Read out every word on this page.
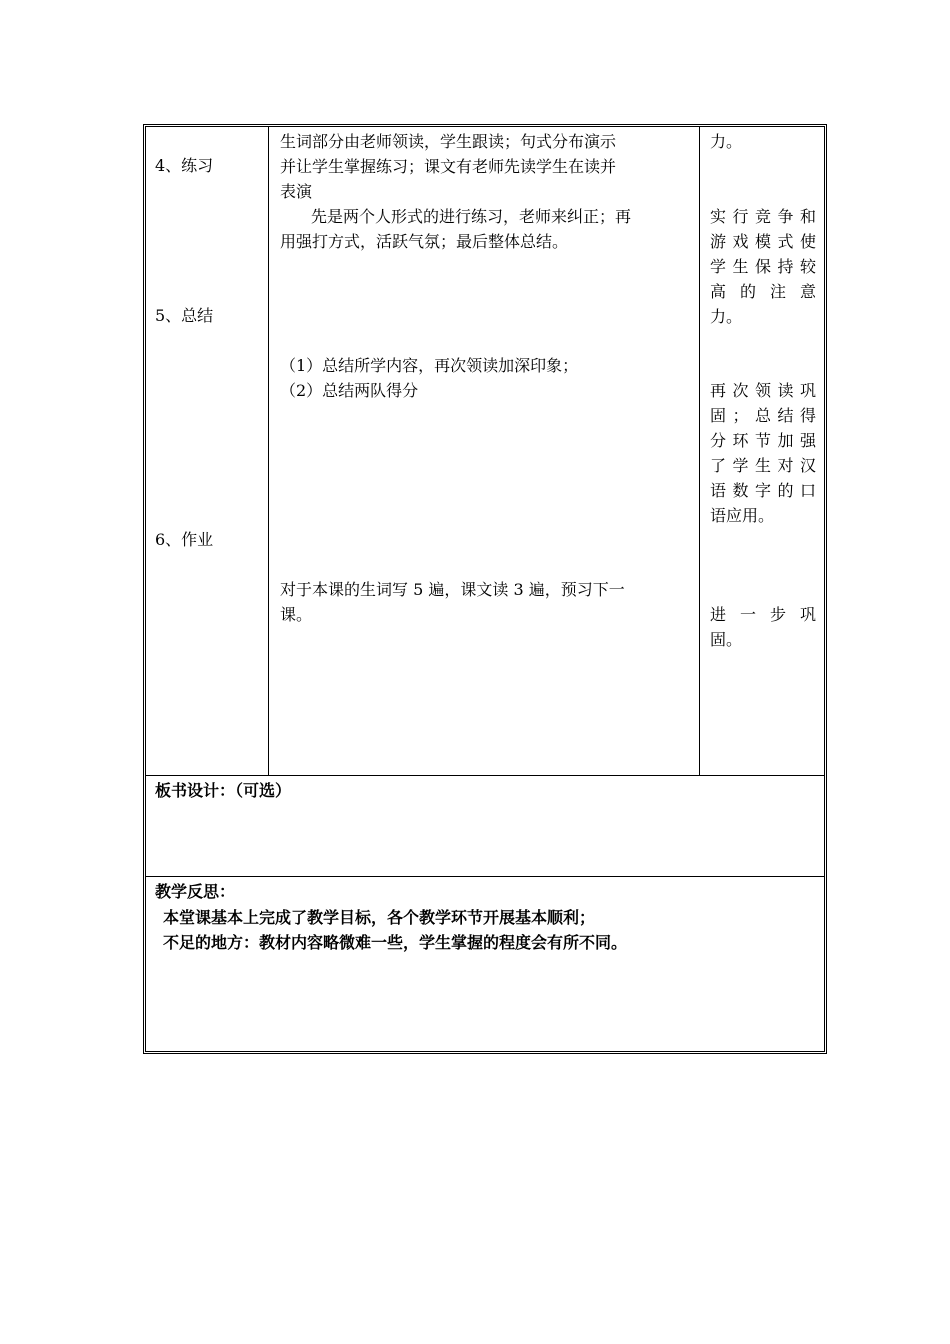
4、练习
5、总结
6、作业
生词部分由老师领读，学生跟读；句式分布演示
并让学生掌握练习；课文有老师先读学生在读并
表演
先是两个人形式的进行练习，老师来纠正；再
用强打方式，活跃气氛；最后整体总结。
（1）总结所学内容，再次领读加深印象；
（2）总结两队得分
对于本课的生词写 5 遍，课文读 3 遍，预习下一
课。
力。
实行竞争和
游戏模式使
学生保持较
高的注意
力。
再次领读巩
固；总结得
分环节加强
了学生对汉
语数字的口
语应用。
进一步巩
固。
板书设计：（可选）
教学反思：
本堂课基本上完成了教学目标，各个教学环节开展基本顺利；
不足的地方：教材内容略微难一些，学生掌握的程度会有所不同。
